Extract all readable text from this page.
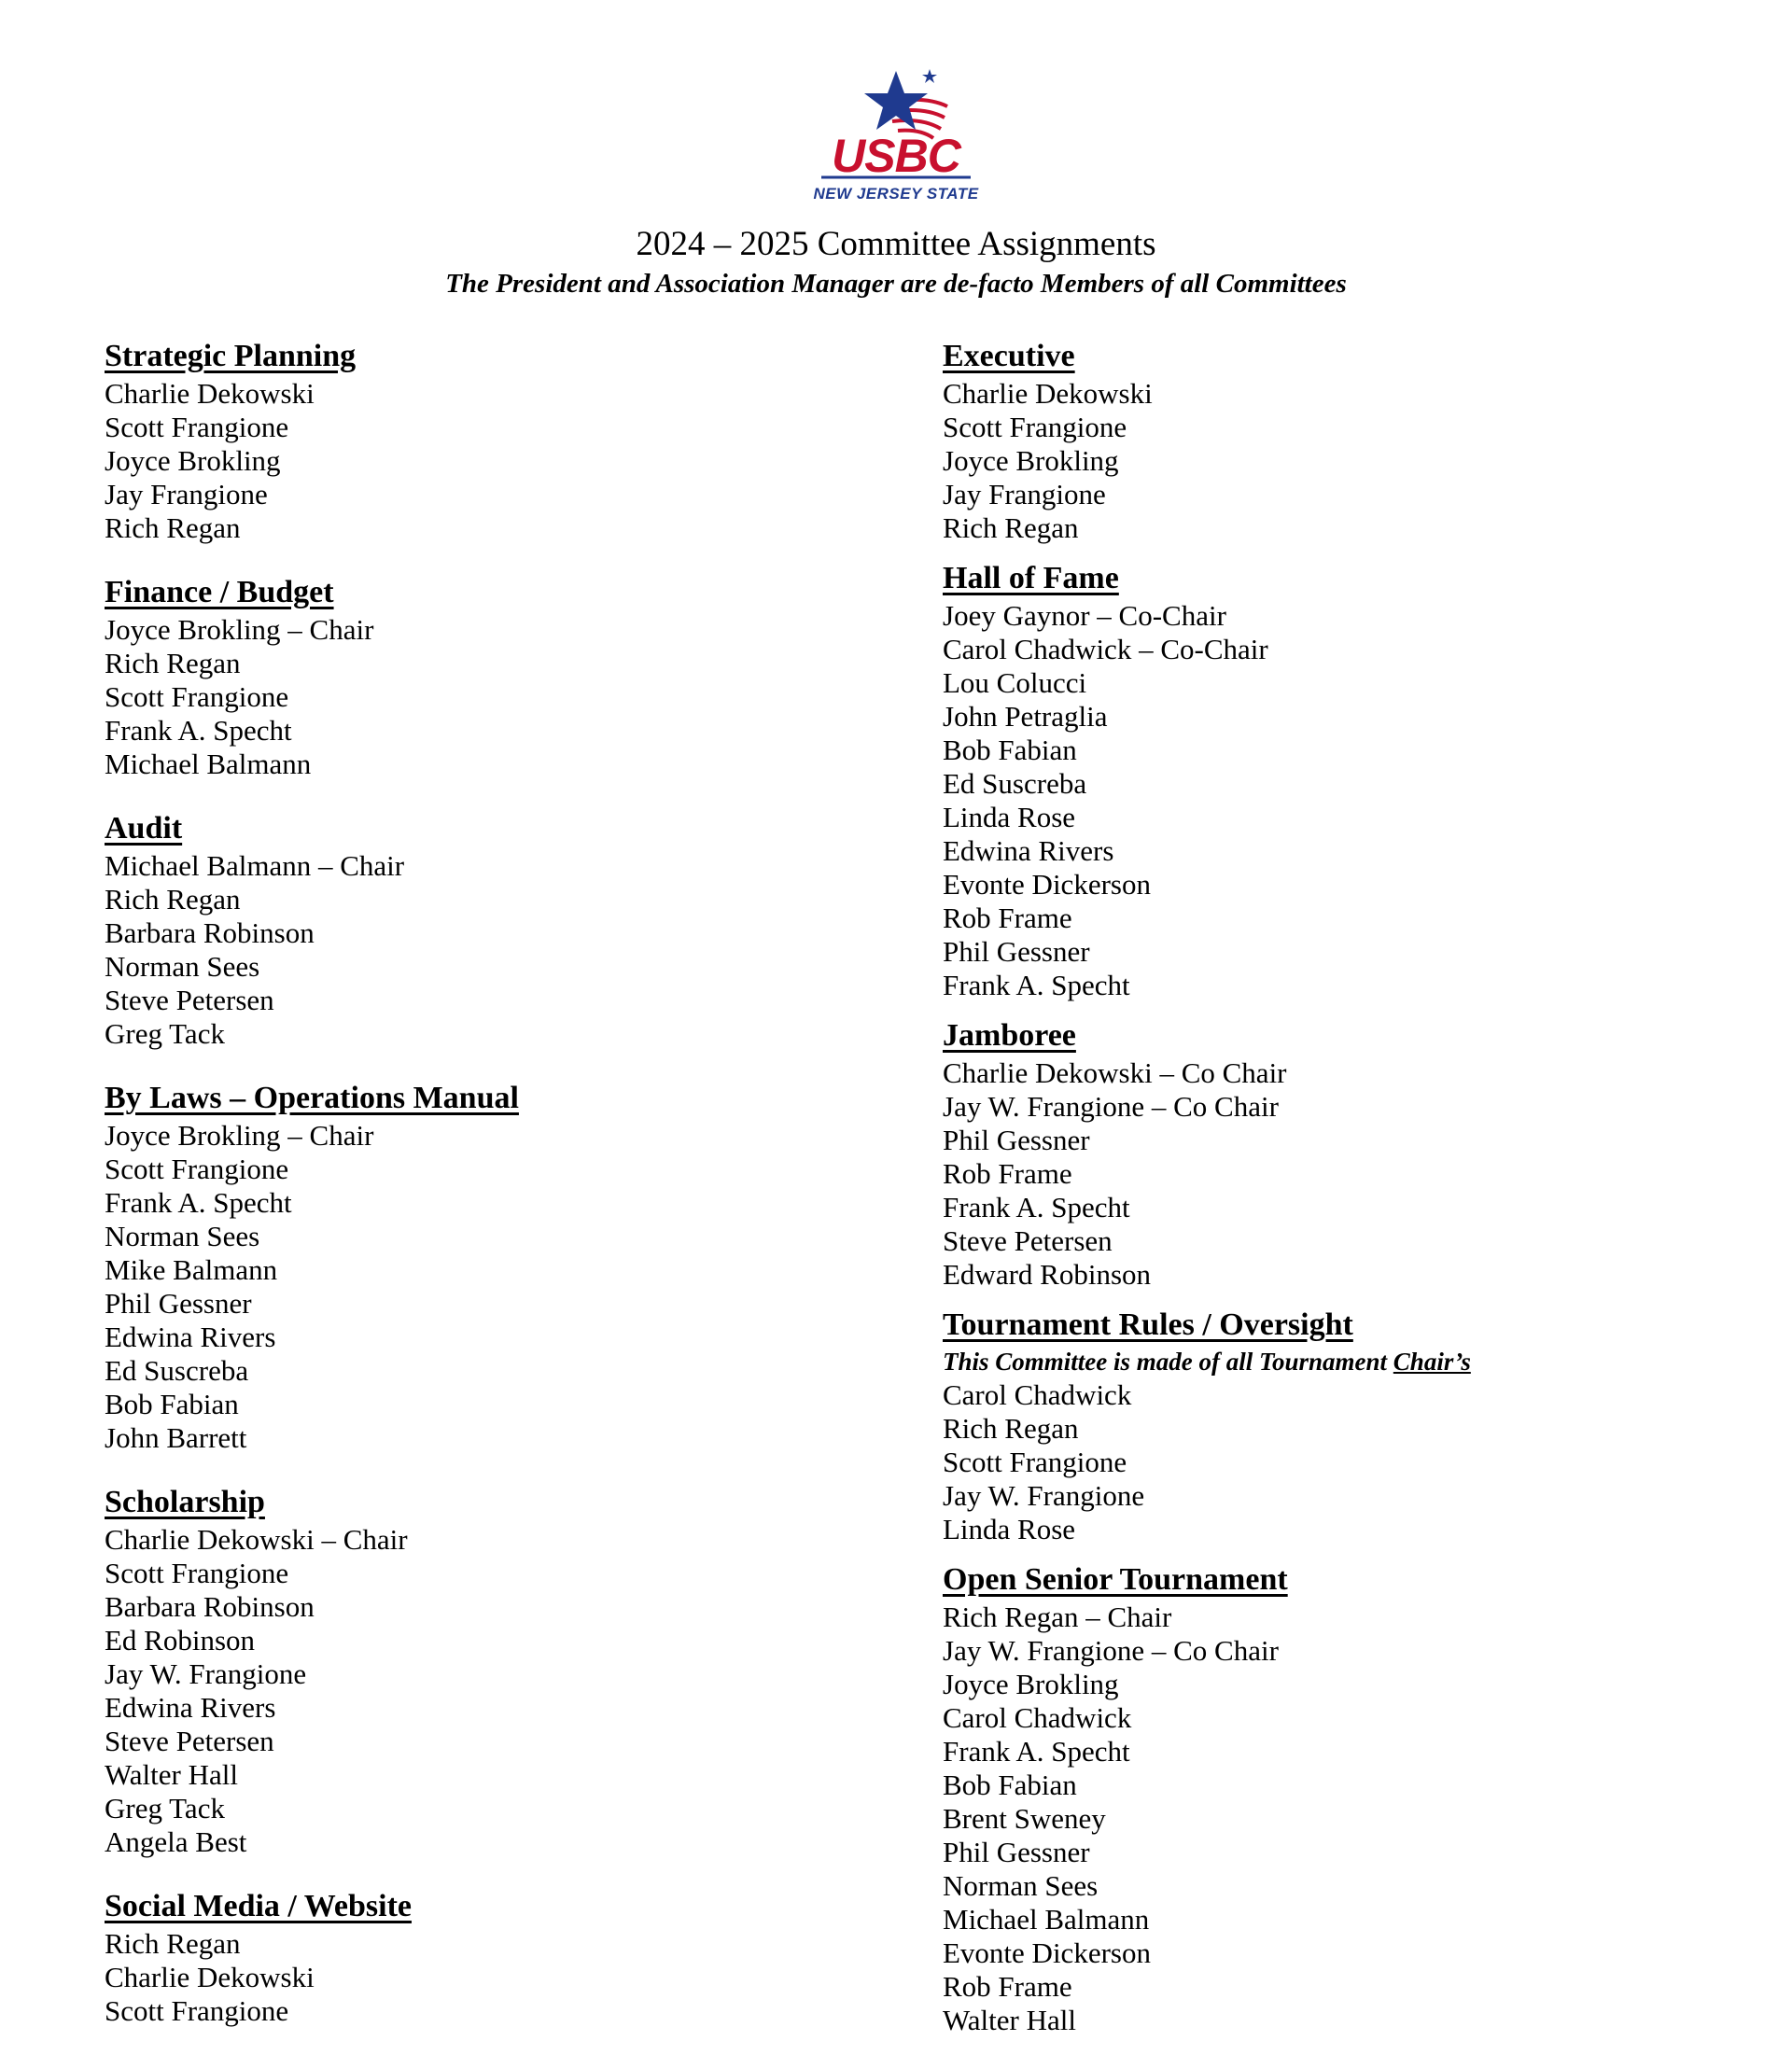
USBC
NEW JERSEY STATE
2024 – 2025 Committee Assignments
The President and Association Manager are de-facto Members of all Committees
Strategic Planning
Charlie Dekowski
Scott Frangione
Joyce Brokling
Jay Frangione
Rich Regan
Finance / Budget
Joyce Brokling – Chair
Rich Regan
Scott Frangione
Frank A. Specht
Michael Balmann
Audit
Michael Balmann – Chair
Rich Regan
Barbara Robinson
Norman Sees
Steve Petersen
Greg Tack
By Laws – Operations Manual
Joyce Brokling – Chair
Scott Frangione
Frank A. Specht
Norman Sees
Mike Balmann
Phil Gessner
Edwina Rivers
Ed Suscreba
Bob Fabian
John Barrett
Scholarship
Charlie Dekowski – Chair
Scott Frangione
Barbara Robinson
Ed Robinson
Jay W. Frangione
Edwina Rivers
Steve Petersen
Walter Hall
Greg Tack
Angela Best
Social Media / Website
Rich Regan
Charlie Dekowski
Scott Frangione
Executive
Charlie Dekowski
Scott Frangione
Joyce Brokling
Jay Frangione
Rich Regan
Hall of Fame
Joey Gaynor – Co-Chair
Carol Chadwick – Co-Chair
Lou Colucci
John Petraglia
Bob Fabian
Ed Suscreba
Linda Rose
Edwina Rivers
Evonte Dickerson
Rob Frame
Phil Gessner
Frank A. Specht
Jamboree
Charlie Dekowski – Co Chair
Jay W. Frangione – Co Chair
Phil Gessner
Rob Frame
Frank A. Specht
Steve Petersen
Edward Robinson
Tournament Rules / Oversight
This Committee is made of all Tournament Chair’s
Carol Chadwick
Rich Regan
Scott Frangione
Jay W. Frangione
Linda Rose
Open Senior Tournament
Rich Regan – Chair
Jay W. Frangione – Co Chair
Joyce Brokling
Carol Chadwick
Frank A. Specht
Bob Fabian
Brent Sweney
Phil Gessner
Norman Sees
Michael Balmann
Evonte Dickerson
Rob Frame
Walter Hall
